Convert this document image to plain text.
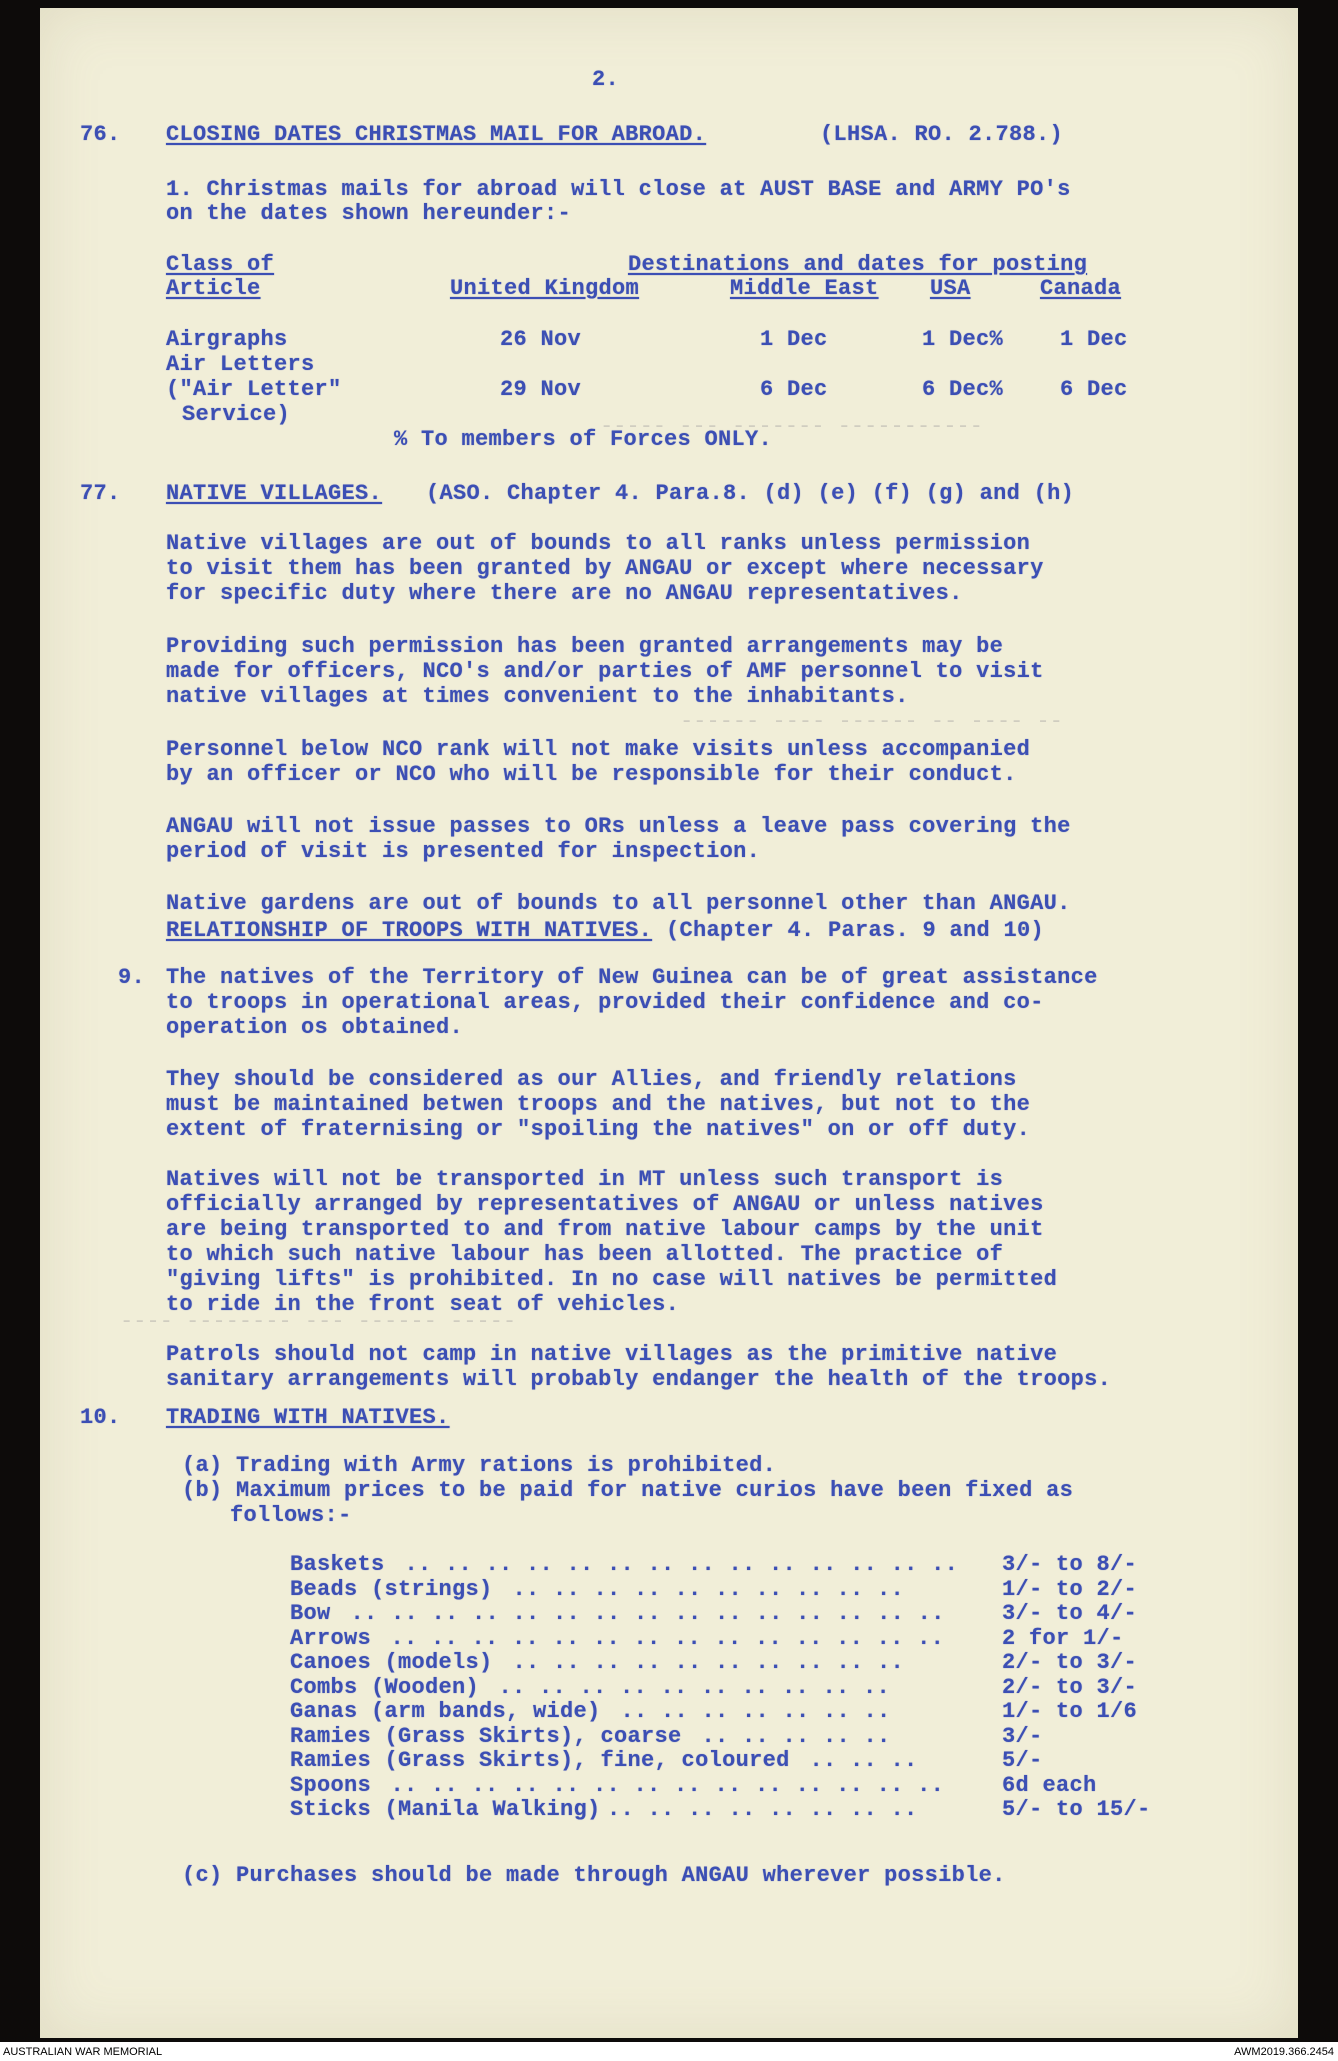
----------- ------- --- -----
-- ---- -- ------ ---- ------
----- ------ --- -------- ----
2.
76. CLOSING DATES CHRISTMAS MAIL FOR ABROAD.	(LHSA. RO. 2.788.)
1. Christmas mails for abroad will close at AUST BASE and ARMY PO's
on the dates shown hereunder:-
Class of
Article
Destinations and dates for posting
United Kingdom	Middle East USA	Canada
Airgraphs	26 Nov	1 Dec	1 Dec%	1 Dec
Air Letters
("Air Letter"
Service)
29 Nov	6 Dec	6 Dec%	6 Dec
% To members of Forces ONLY.
77. NATIVE VILLAGES. (ASO. Chapter 4. Para.8. (d) (e) (f) (g) and (h)
Native villages are out of bounds to all ranks unless permission
to visit them has been granted by ANGAU or except where necessary
for specific duty where there are no ANGAU representatives.
Providing such permission has been granted arrangements may be
made for officers, NCO's and/or parties of AMF personnel to visit
native villages at times convenient to the inhabitants.
Personnel below NCO rank will not make visits unless accompanied
by an officer or NCO who will be responsible for their conduct.
ANGAU will not issue passes to ORs unless a leave pass covering the
period of visit is presented for inspection.
Native gardens are out of bounds to all personnel other than ANGAU.
RELATIONSHIP OF TROOPS WITH NATIVES. (Chapter 4. Paras. 9 and 10)
9. The natives of the Territory of New Guinea can be of great assistance
to troops in operational areas, provided their confidence and co-
operation os obtained.
They should be considered as our Allies, and friendly relations
must be maintained betwen troops and the natives, but not to the
extent of fraternising or "spoiling the natives" on or off duty.
Natives will not be transported in MT unless such transport is
officially arranged by representatives of ANGAU or unless natives
are being transported to and from native labour camps by the unit
to which such native labour has been allotted. The practice of
"giving lifts" is prohibited. In no case will natives be permitted
to ride in the front seat of vehicles.
Patrols should not camp in native villages as the primitive native
sanitary arrangements will probably endanger the health of the troops.
10. TRADING WITH NATIVES.
(a) Trading with Army rations is prohibited.
(b) Maximum prices to be paid for native curios have been fixed as
follows:-
Baskets .. .. .. .. .. .. .. .. .. .. .. .. .. ..	3/- to 8/-
Beads (strings) .. .. .. .. .. .. .. .. .. ..	1/- to 2/-
Bow .. .. .. .. .. .. .. .. .. .. .. .. .. .. ..	3/- to 4/-
Arrows .. .. .. .. .. .. .. .. .. .. .. .. .. ..	2 for 1/-
Canoes (models) .. .. .. .. .. .. .. .. .. ..	2/- to 3/-
Combs (Wooden) .. .. .. .. .. .. .. .. .. ..	2/- to 3/-
Ganas (arm bands, wide) .. .. .. .. .. .. ..	1/- to 1/6
Ramies (Grass Skirts), coarse .. .. .. .. ..	3/-
Ramies (Grass Skirts), fine, coloured .. .. ..	5/-
Spoons .. .. .. .. .. .. .. .. .. .. .. .. .. ..	6d each
Sticks (Manila Walking) .. .. .. .. .. .. .. ..	5/- to 15/-
(c) Purchases should be made through ANGAU wherever possible.
AUSTRALIAN WAR MEMORIAL	AWM2019.366.2454
